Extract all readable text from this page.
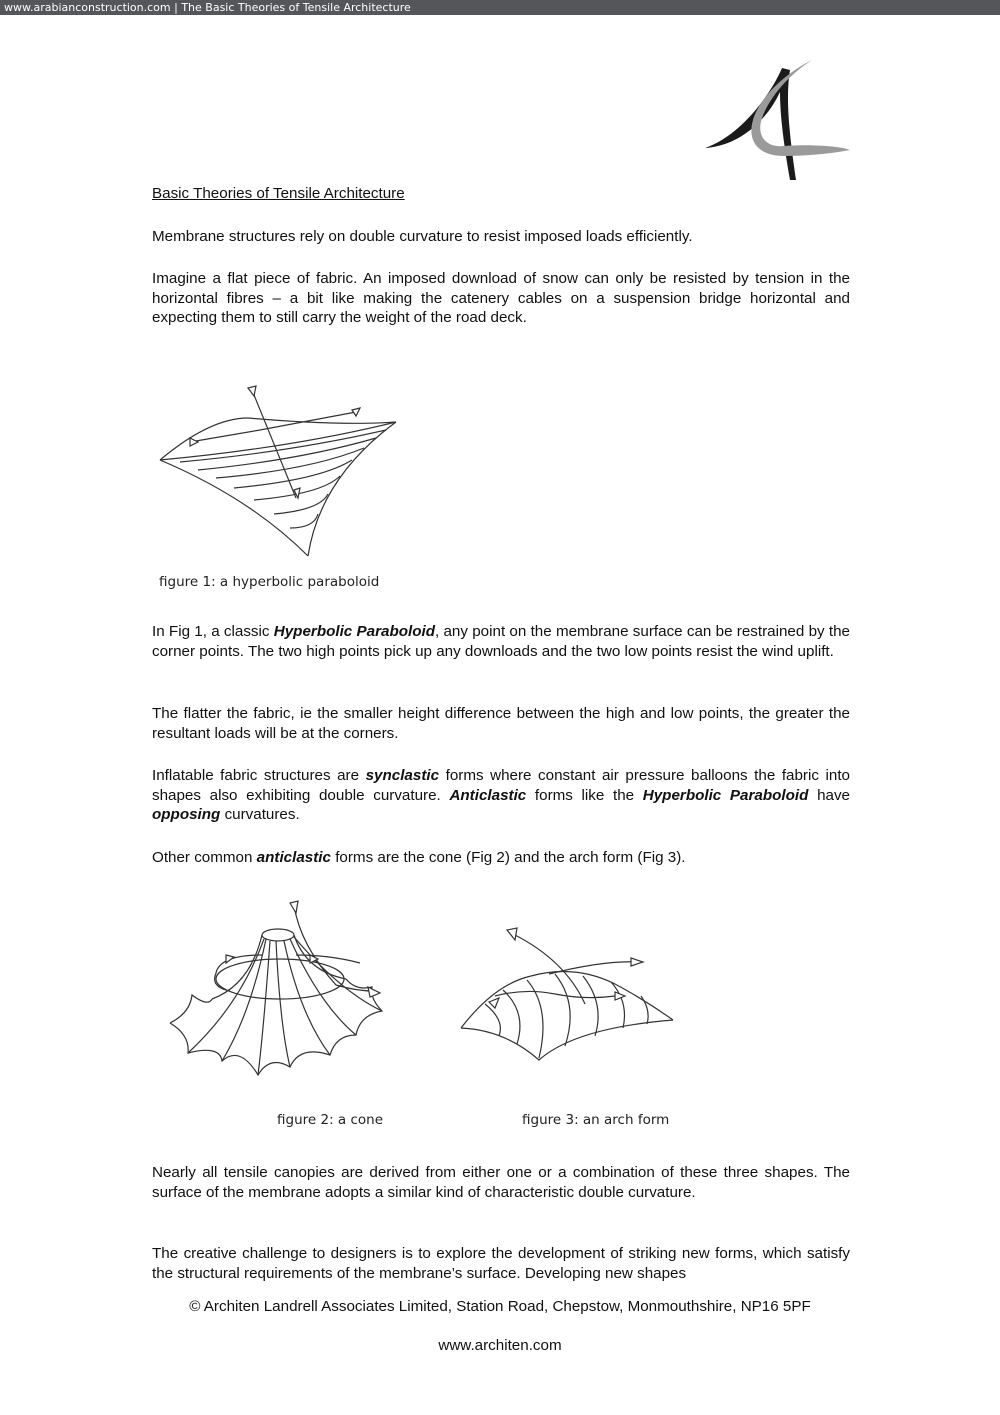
www.arabianconstruction.com | The Basic Theories of Tensile Architecture

Basic Theories of Tensile Architecture

Membrane structures rely on double curvature to resist imposed loads efficiently.

Imagine a flat piece of fabric. An imposed download of snow can only be resisted by tension in the horizontal fibres – a bit like making the catenery cables on a suspension bridge horizontal and expecting them to still carry the weight of the road deck.

figure 1: a hyperbolic paraboloid

In Fig 1, a classic Hyperbolic Paraboloid, any point on the membrane surface can be restrained by the corner points. The two high points pick up any downloads and the two low points resist the wind uplift.

The flatter the fabric, ie the smaller height difference between the high and low points, the greater the resultant loads will be at the corners.

Inflatable fabric structures are synclastic forms where constant air pressure balloons the fabric into shapes also exhibiting double curvature. Anticlastic forms like the Hyperbolic Paraboloid have opposing curvatures.

Other common anticlastic forms are the cone (Fig 2) and the arch form (Fig 3).

figure 2: a cone	figure 3: an arch form

Nearly all tensile canopies are derived from either one or a combination of these three shapes. The surface of the membrane adopts a similar kind of characteristic double curvature.

The creative challenge to designers is to explore the development of striking new forms, which satisfy the structural requirements of the membrane’s surface. Developing new shapes

© Architen Landrell Associates Limited, Station Road, Chepstow, Monmouthshire, NP16 5PF
www.architen.com
